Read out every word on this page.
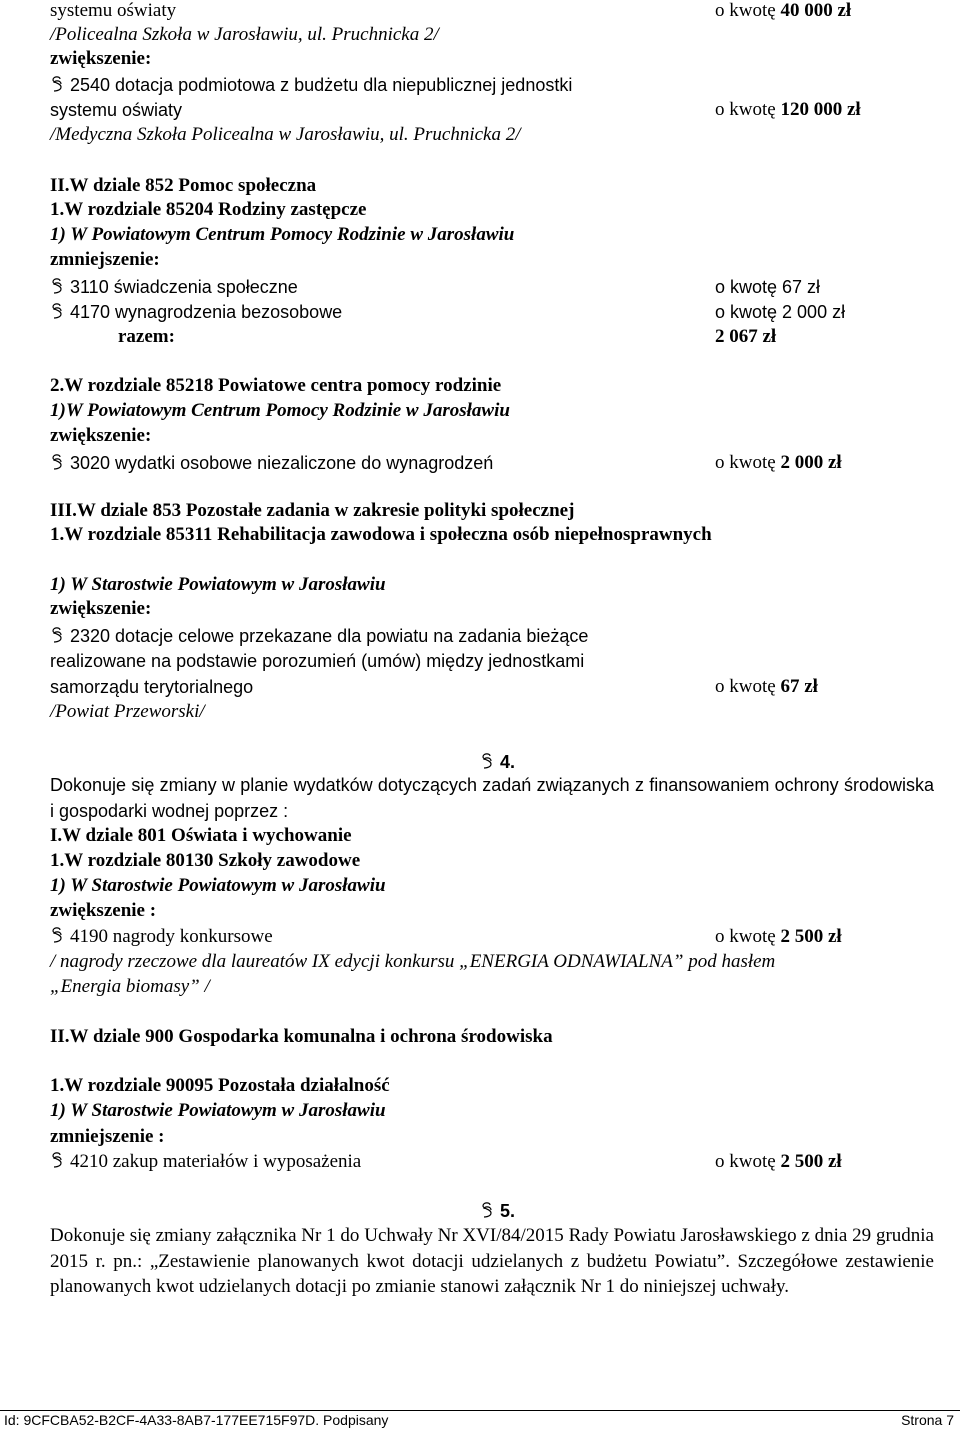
systemu oświaty	o kwotę 40 000 zł
/Policealna Szkoła w Jarosławiu, ul. Pruchnicka 2/
zwiększenie:
2540 dotacja podmiotowa z budżetu dla niepublicznej jednostki
systemu oświaty	o kwotę 120 000 zł
/Medyczna Szkoła Policealna w Jarosławiu, ul. Pruchnicka 2/
II.W dziale 852 Pomoc społeczna
1.W rozdziale 85204 Rodziny zastępcze
1) W Powiatowym Centrum Pomocy Rodzinie w Jarosławiu
zmniejszenie:
3110 świadczenia społeczne	o kwotę 67 zł
4170 wynagrodzenia bezosobowe	o kwotę 2 000 zł
razem:	2 067 zł
2.W rozdziale 85218 Powiatowe centra pomocy rodzinie
1)W Powiatowym Centrum Pomocy Rodzinie w Jarosławiu
zwiększenie:
3020 wydatki osobowe niezaliczone do wynagrodzeń	o kwotę 2 000 zł
III.W dziale 853 Pozostałe zadania w zakresie polityki społecznej
1.W rozdziale 85311 Rehabilitacja zawodowa i społeczna osób niepełnosprawnych
1) W Starostwie Powiatowym w Jarosławiu
zwiększenie:
2320 dotacje celowe przekazane dla powiatu na zadania bieżące
realizowane na podstawie porozumień (umów) między jednostkami
samorządu terytorialnego	o kwotę 67 zł
/Powiat Przeworski/
4.
Dokonuje się zmiany w planie wydatków dotyczących zadań związanych z finansowaniem ochrony środowiska i gospodarki wodnej poprzez :
I.W dziale 801 Oświata i wychowanie
1.W rozdziale 80130 Szkoły zawodowe
1) W Starostwie Powiatowym w Jarosławiu
zwiększenie :
4190 nagrody konkursowe	o kwotę 2 500 zł
/ nagrody rzeczowe dla laureatów IX edycji konkursu „ENERGIA ODNAWIALNA” pod hasłem
„Energia biomasy” /
II.W dziale 900 Gospodarka komunalna i ochrona środowiska
1.W rozdziale 90095 Pozostała działalność
1) W Starostwie Powiatowym w Jarosławiu
zmniejszenie :
4210 zakup materiałów i wyposażenia	o kwotę 2 500 zł
5.
Dokonuje się zmiany załącznika Nr 1 do Uchwały Nr XVI/84/2015 Rady Powiatu Jarosławskiego z dnia 29 grudnia 2015 r. pn.: „Zestawienie planowanych kwot dotacji udzielanych z budżetu Powiatu”. Szczegółowe zestawienie planowanych kwot udzielanych dotacji po zmianie stanowi załącznik Nr 1 do niniejszej uchwały.
Id: 9CFCBA52-B2CF-4A33-8AB7-177EE715F97D. Podpisany	Strona 7
